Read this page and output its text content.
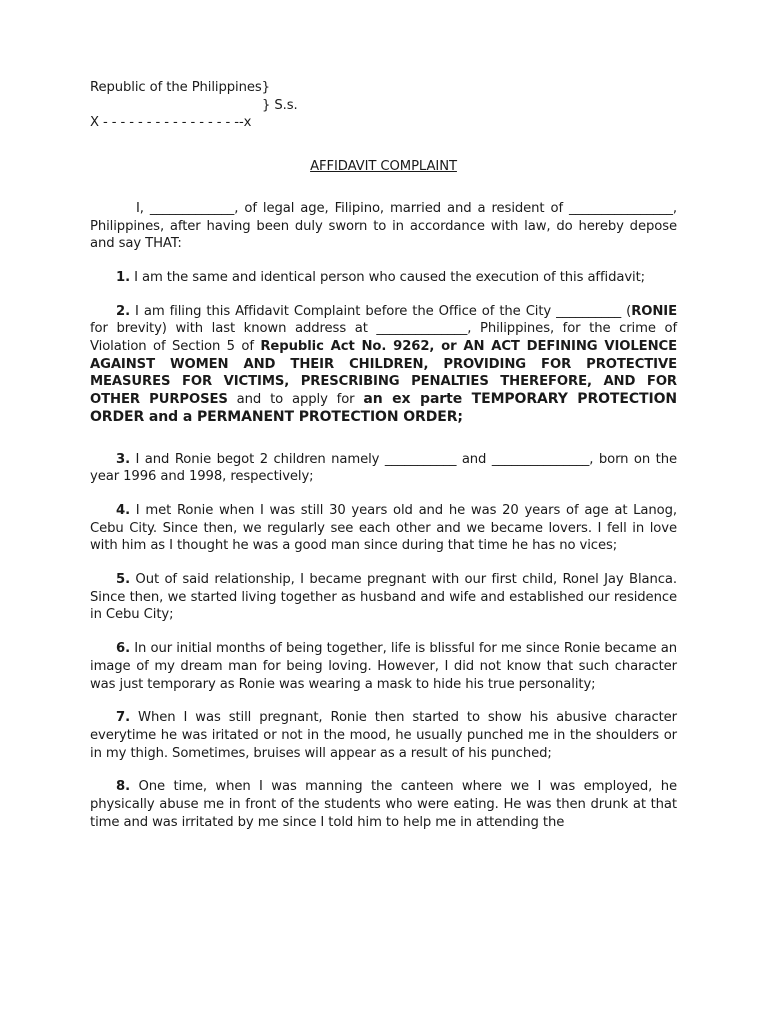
Republic of the Philippines}
} S.s.
X - - - - - - - - - - - - - - - --x
AFFIDAVIT COMPLAINT

I, _____________, of legal age, Filipino, married and a resident of ________________, Philippines, after having been duly sworn to in accordance with law, do hereby depose and say THAT:

1. I am the same and identical person who caused the execution of this affidavit;

2. I am filing this Affidavit Complaint before the Office of the City __________ (RONIE for brevity) with last known address at ______________, Philippines, for the crime of Violation of Section 5 of Republic Act No. 9262, or AN ACT DEFINING VIOLENCE AGAINST WOMEN AND THEIR CHILDREN, PROVIDING FOR PROTECTIVE MEASURES FOR VICTIMS, PRESCRIBING PENALTIES THEREFORE, AND FOR OTHER PURPOSES and to apply for an ex parte TEMPORARY PROTECTION ORDER and a PERMANENT PROTECTION ORDER;

3. I and Ronie begot 2 children namely ___________ and _______________, born on the year 1996 and 1998, respectively;

4. I met Ronie when I was still 30 years old and he was 20 years of age at Lanog, Cebu City. Since then, we regularly see each other and we became lovers. I fell in love with him as I thought he was a good man since during that time he has no vices;

5. Out of said relationship, I became pregnant with our first child, Ronel Jay Blanca. Since then, we started living together as husband and wife and established our residence in Cebu City;

6. In our initial months of being together, life is blissful for me since Ronie became an image of my dream man for being loving. However, I did not know that such character was just temporary as Ronie was wearing a mask to hide his true personality;

7. When I was still pregnant, Ronie then started to show his abusive character everytime he was iritated or not in the mood, he usually punched me in the shoulders or in my thigh. Sometimes, bruises will appear as a result of his punched;

8. One time, when I was manning the canteen where we I was employed, he physically abuse me in front of the students who were eating. He was then drunk at that time and was irritated by me since I told him to help me in attending the
